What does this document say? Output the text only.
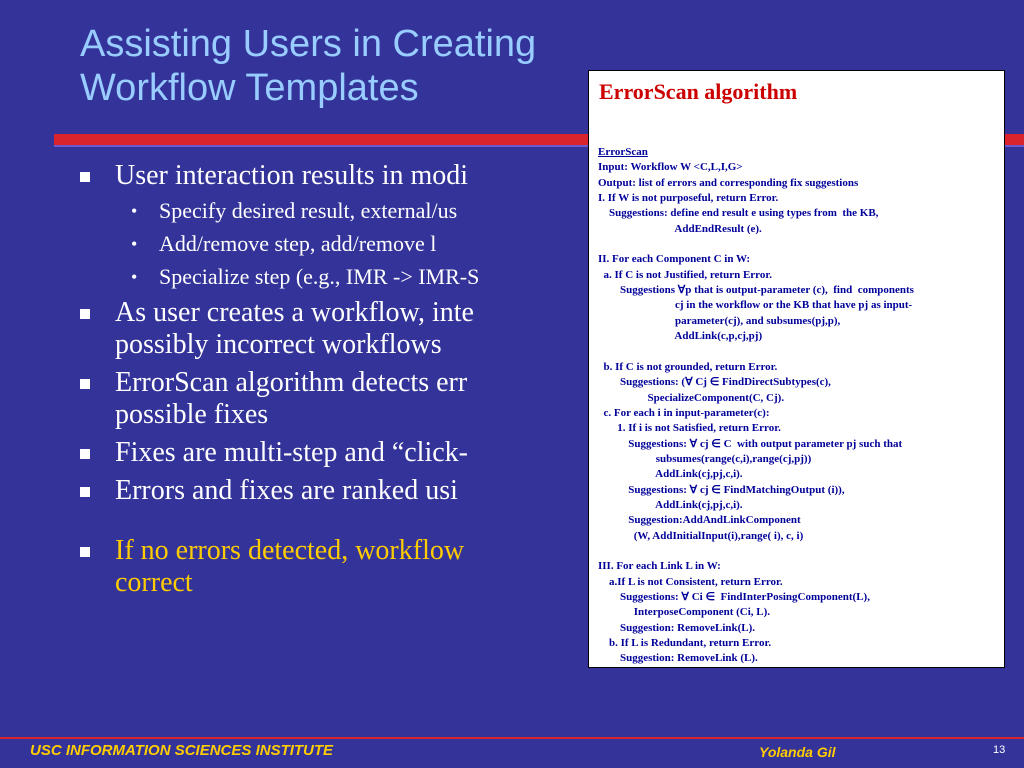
Assisting Users in Creating Workflow Templates
User interaction results in modi
• Specify desired result, external/us
• Add/remove step, add/remove l
• Specialize step (e.g., IMR -> IMR-S
As user creates a workflow, inte
possibly incorrect workflows
ErrorScan algorithm detects err
possible fixes
Fixes are multi-step and “click-
Errors and fixes are ranked usi
If no errors detected, workflow
correct
ErrorScan algorithm
ErrorScan
Input: Workflow W <C,L,I,G>
Output: list of errors and corresponding fix suggestions
I. If W is not purposeful, return Error.
Suggestions: define end result e using types from  the KB,
AddEndResult (e).

II. For each Component C in W:
a. If C is not Justified, return Error.
Suggestions ∀p that is output-parameter (c),  find  components
cj in the workflow or the KB that have pj as input-
parameter(cj), and subsumes(pj,p),
AddLink(c,p,cj,pj)

b. If C is not grounded, return Error.
Suggestions: (∀ Cj ∈ FindDirectSubtypes(c),
SpecializeComponent(C, Cj).
c. For each i in input-parameter(c):
1. If i is not Satisfied, return Error.
Suggestions: ∀ cj ∈ C  with output parameter pj such that
subsumes(range(c,i),range(cj,pj))
AddLink(cj,pj,c,i).
Suggestions: ∀ cj ∈ FindMatchingOutput (i)),
AddLink(cj,pj,c,i).
Suggestion:AddAndLinkComponent
(W, AddInitialInput(i),range( i), c, i)

III. For each Link L in W:
a.If L is not Consistent, return Error.
Suggestions: ∀ Ci ∈  FindInterPosingComponent(L),
InterposeComponent (Ci, L).
Suggestion: RemoveLink(L).
b. If L is Redundant, return Error.
Suggestion: RemoveLink (L).
USC INFORMATION SCIENCES INSTITUTE	Yolanda Gil	13
